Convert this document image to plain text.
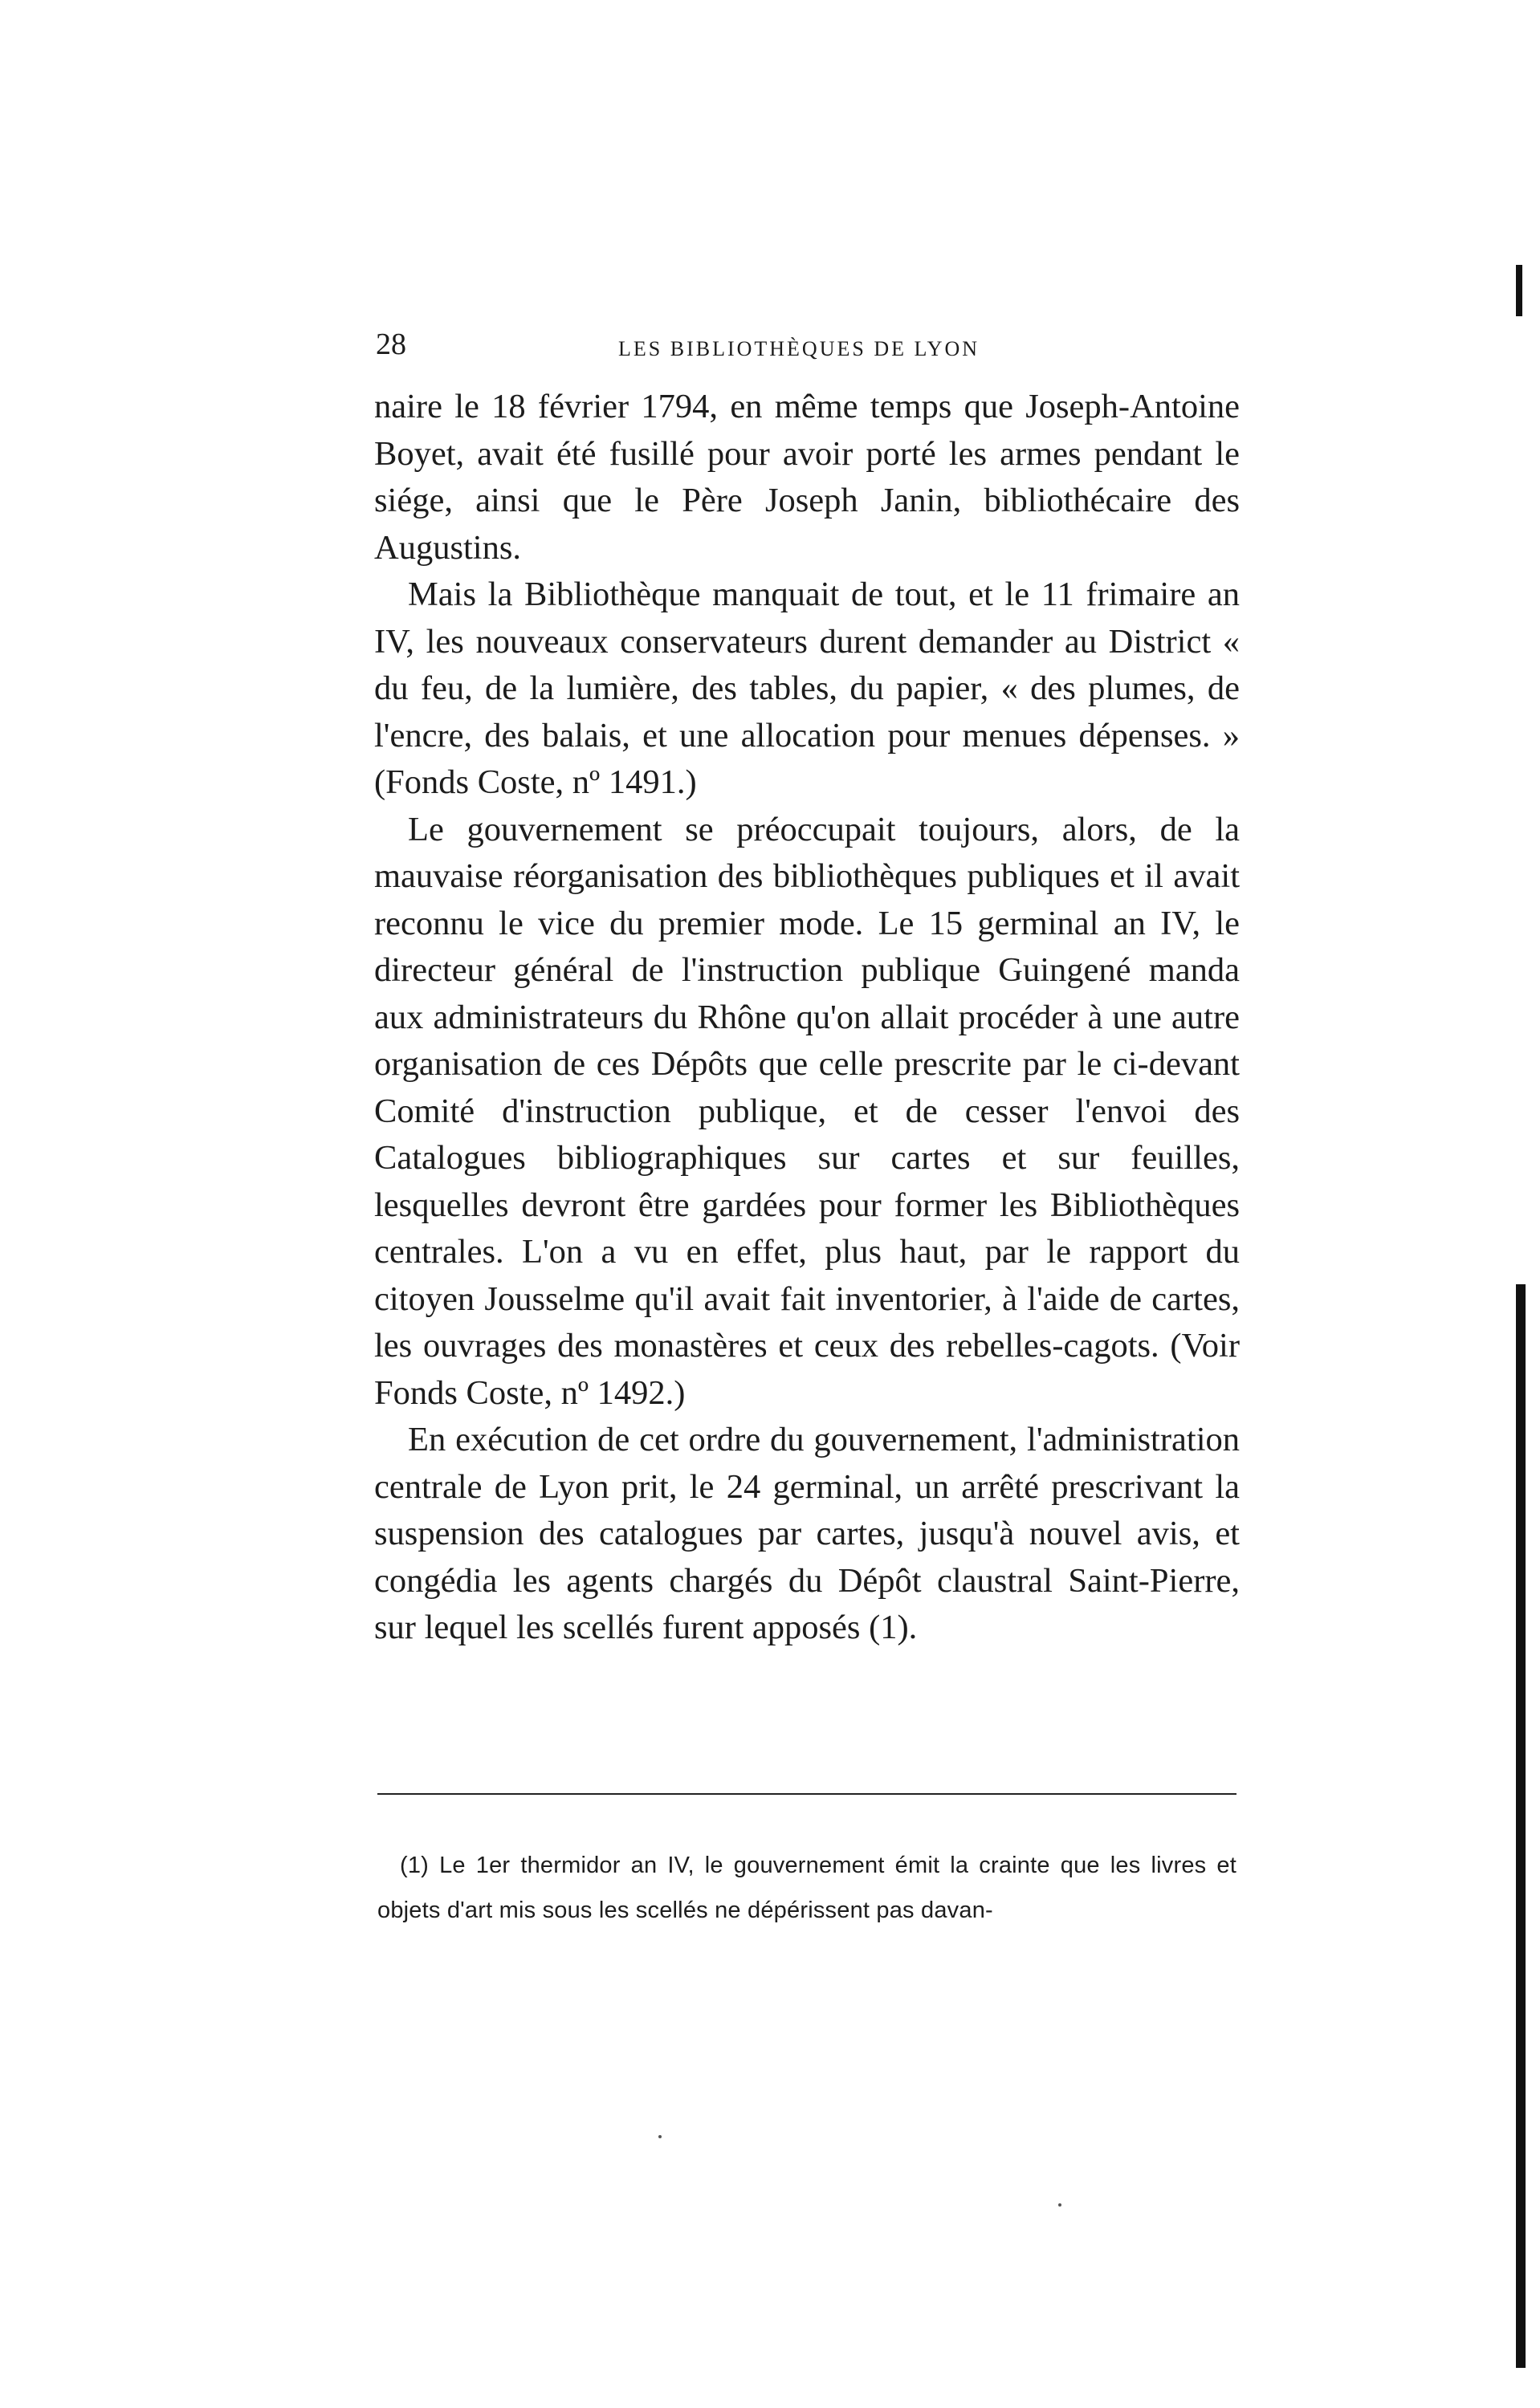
28	LES BIBLIOTHÈQUES DE LYON

naire le 18 février 1794, en même temps que Joseph-Antoine Boyet, avait été fusillé pour avoir porté les armes pendant le siége, ainsi que le Père Joseph Janin, bibliothécaire des Augustins.

Mais la Bibliothèque manquait de tout, et le 11 frimaire an IV, les nouveaux conservateurs durent demander au District « du feu, de la lumière, des tables, du papier, « des plumes, de l'encre, des balais, et une allocation pour menues dépenses. » (Fonds Coste, nº 1491.)

Le gouvernement se préoccupait toujours, alors, de la mauvaise réorganisation des bibliothèques publiques et il avait reconnu le vice du premier mode. Le 15 germinal an IV, le directeur général de l'instruction publique Guingené manda aux administrateurs du Rhône qu'on allait procéder à une autre organisation de ces Dépôts que celle prescrite par le ci-devant Comité d'instruction publique, et de cesser l'envoi des Catalogues bibliographiques sur cartes et sur feuilles, lesquelles devront être gardées pour former les Bibliothèques centrales. L'on a vu en effet, plus haut, par le rapport du citoyen Jousselme qu'il avait fait inventorier, à l'aide de cartes, les ouvrages des monastères et ceux des rebelles-cagots. (Voir Fonds Coste, nº 1492.)

En exécution de cet ordre du gouvernement, l'administration centrale de Lyon prit, le 24 germinal, un arrêté prescrivant la suspension des catalogues par cartes, jusqu'à nouvel avis, et congédia les agents chargés du Dépôt claustral Saint-Pierre, sur lequel les scellés furent apposés (1).

(1) Le 1er thermidor an IV, le gouvernement émit la crainte que les livres et objets d'art mis sous les scellés ne dépérissent pas davan-
